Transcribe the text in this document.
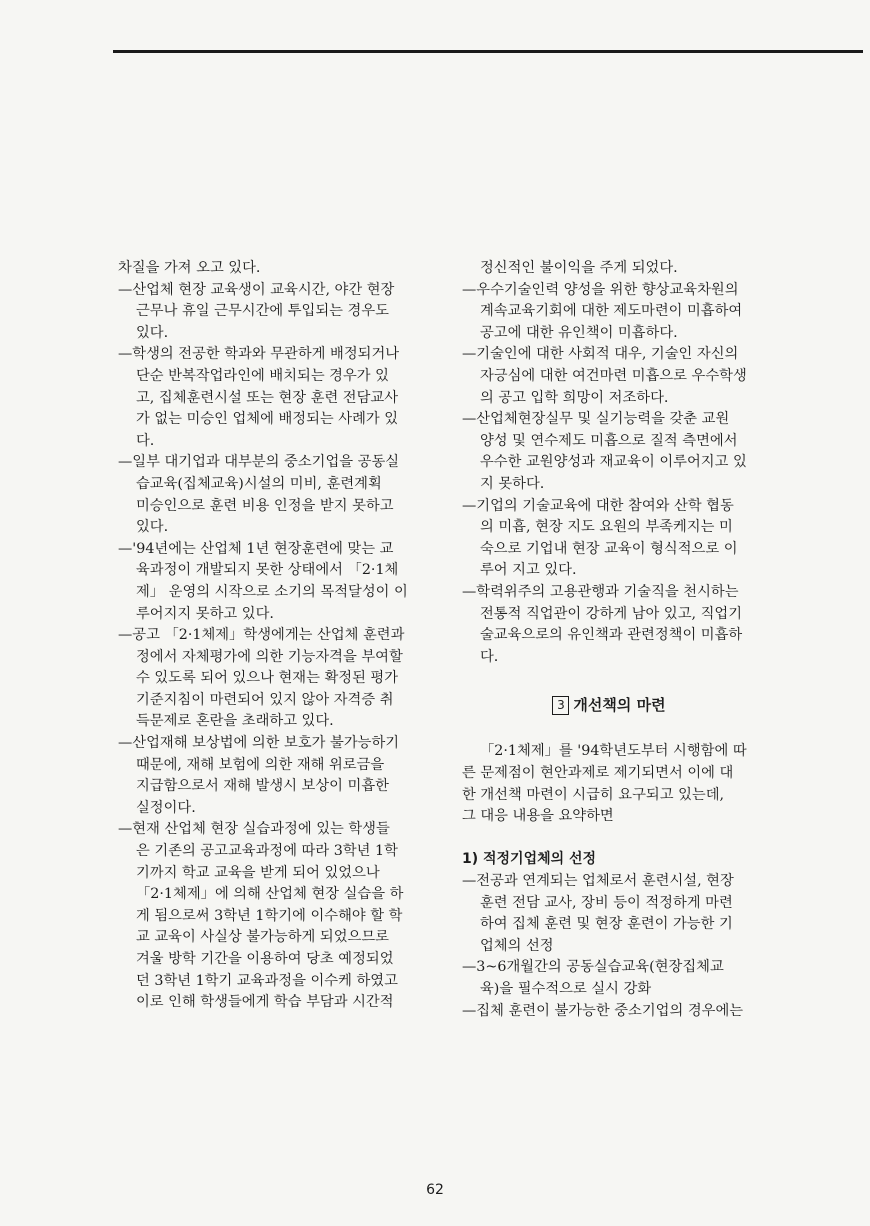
차질을 가져 오고 있다.
—산업체 현장 교육생이 교육시간, 야간 현장
근무나 휴일 근무시간에 투입되는 경우도
있다.
—학생의 전공한 학과와 무관하게 배정되거나
단순 반복작업라인에 배치되는 경우가 있
고, 집체훈련시설 또는 현장 훈련 전담교사
가 없는 미승인 업체에 배정되는 사례가 있
다.
—일부 대기업과 대부분의 중소기업을 공동실
습교육(집체교육)시설의 미비, 훈련계획
미승인으로 훈련 비용 인정을 받지 못하고
있다.
—'94년에는 산업체 1년 현장훈련에 맞는 교
육과정이 개발되지 못한 상태에서 「2·1체
제」 운영의 시작으로 소기의 목적달성이 이
루어지지 못하고 있다.
—공고 「2·1체제」학생에게는 산업체 훈련과
정에서 자체평가에 의한 기능자격을 부여할
수 있도록 되어 있으나 현재는 확정된 평가
기준지침이 마련되어 있지 않아 자격증 취
득문제로 혼란을 초래하고 있다.
—산업재해 보상법에 의한 보호가 불가능하기
때문에, 재해 보험에 의한 재해 위로금을
지급함으로서 재해 발생시 보상이 미흡한
실정이다.
—현재 산업체 현장 실습과정에 있는 학생들
은 기존의 공고교육과정에 따라 3학년 1학
기까지 학교 교육을 받게 되어 있었으나
「2·1체제」에 의해 산업체 현장 실습을 하
게 됨으로써 3학년 1학기에 이수해야 할 학
교 교육이 사실상 불가능하게 되었으므로
겨울 방학 기간을 이용하여 당초 예정되었
던 3학년 1학기 교육과정을 이수케 하였고
이로 인해 학생들에게 학습 부담과 시간적
정신적인 불이익을 주게 되었다.
—우수기술인력 양성을 위한 향상교육차원의
계속교육기회에 대한 제도마련이 미흡하여
공고에 대한 유인책이 미흡하다.
—기술인에 대한 사회적 대우, 기술인 자신의
자긍심에 대한 여건마련 미흡으로 우수학생
의 공고 입학 희망이 저조하다.
—산업체현장실무 및 실기능력을 갖춘 교원
양성 및 연수제도 미흡으로 질적 측면에서
우수한 교원양성과 재교육이 이루어지고 있
지 못하다.
—기업의 기술교육에 대한 참여와 산학 협동
의 미흡, 현장 지도 요원의 부족케지는 미
숙으로 기업내 현장 교육이 형식적으로 이
루어 지고 있다.
—학력위주의 고용관행과 기술직을 천시하는
전통적 직업관이 강하게 남아 있고, 직업기
술교육으로의 유인책과 관련정책이 미흡하
다.
3 개선책의 마련
「2·1체제」를 '94학년도부터 시행함에 따
른 문제점이 현안과제로 제기되면서 이에 대
한 개선책 마련이 시급히 요구되고 있는데,
그 대응 내용을 요약하면
1) 적정기업체의 선정
—전공과 연계되는 업체로서 훈련시설, 현장
훈련 전담 교사, 장비 등이 적정하게 마련
하여 집체 훈련 및 현장 훈련이 가능한 기
업체의 선정
—3~6개월간의 공동실습교육(현장집체교
육)을 필수적으로 실시 강화
—집체 훈련이 불가능한 중소기업의 경우에는
62
